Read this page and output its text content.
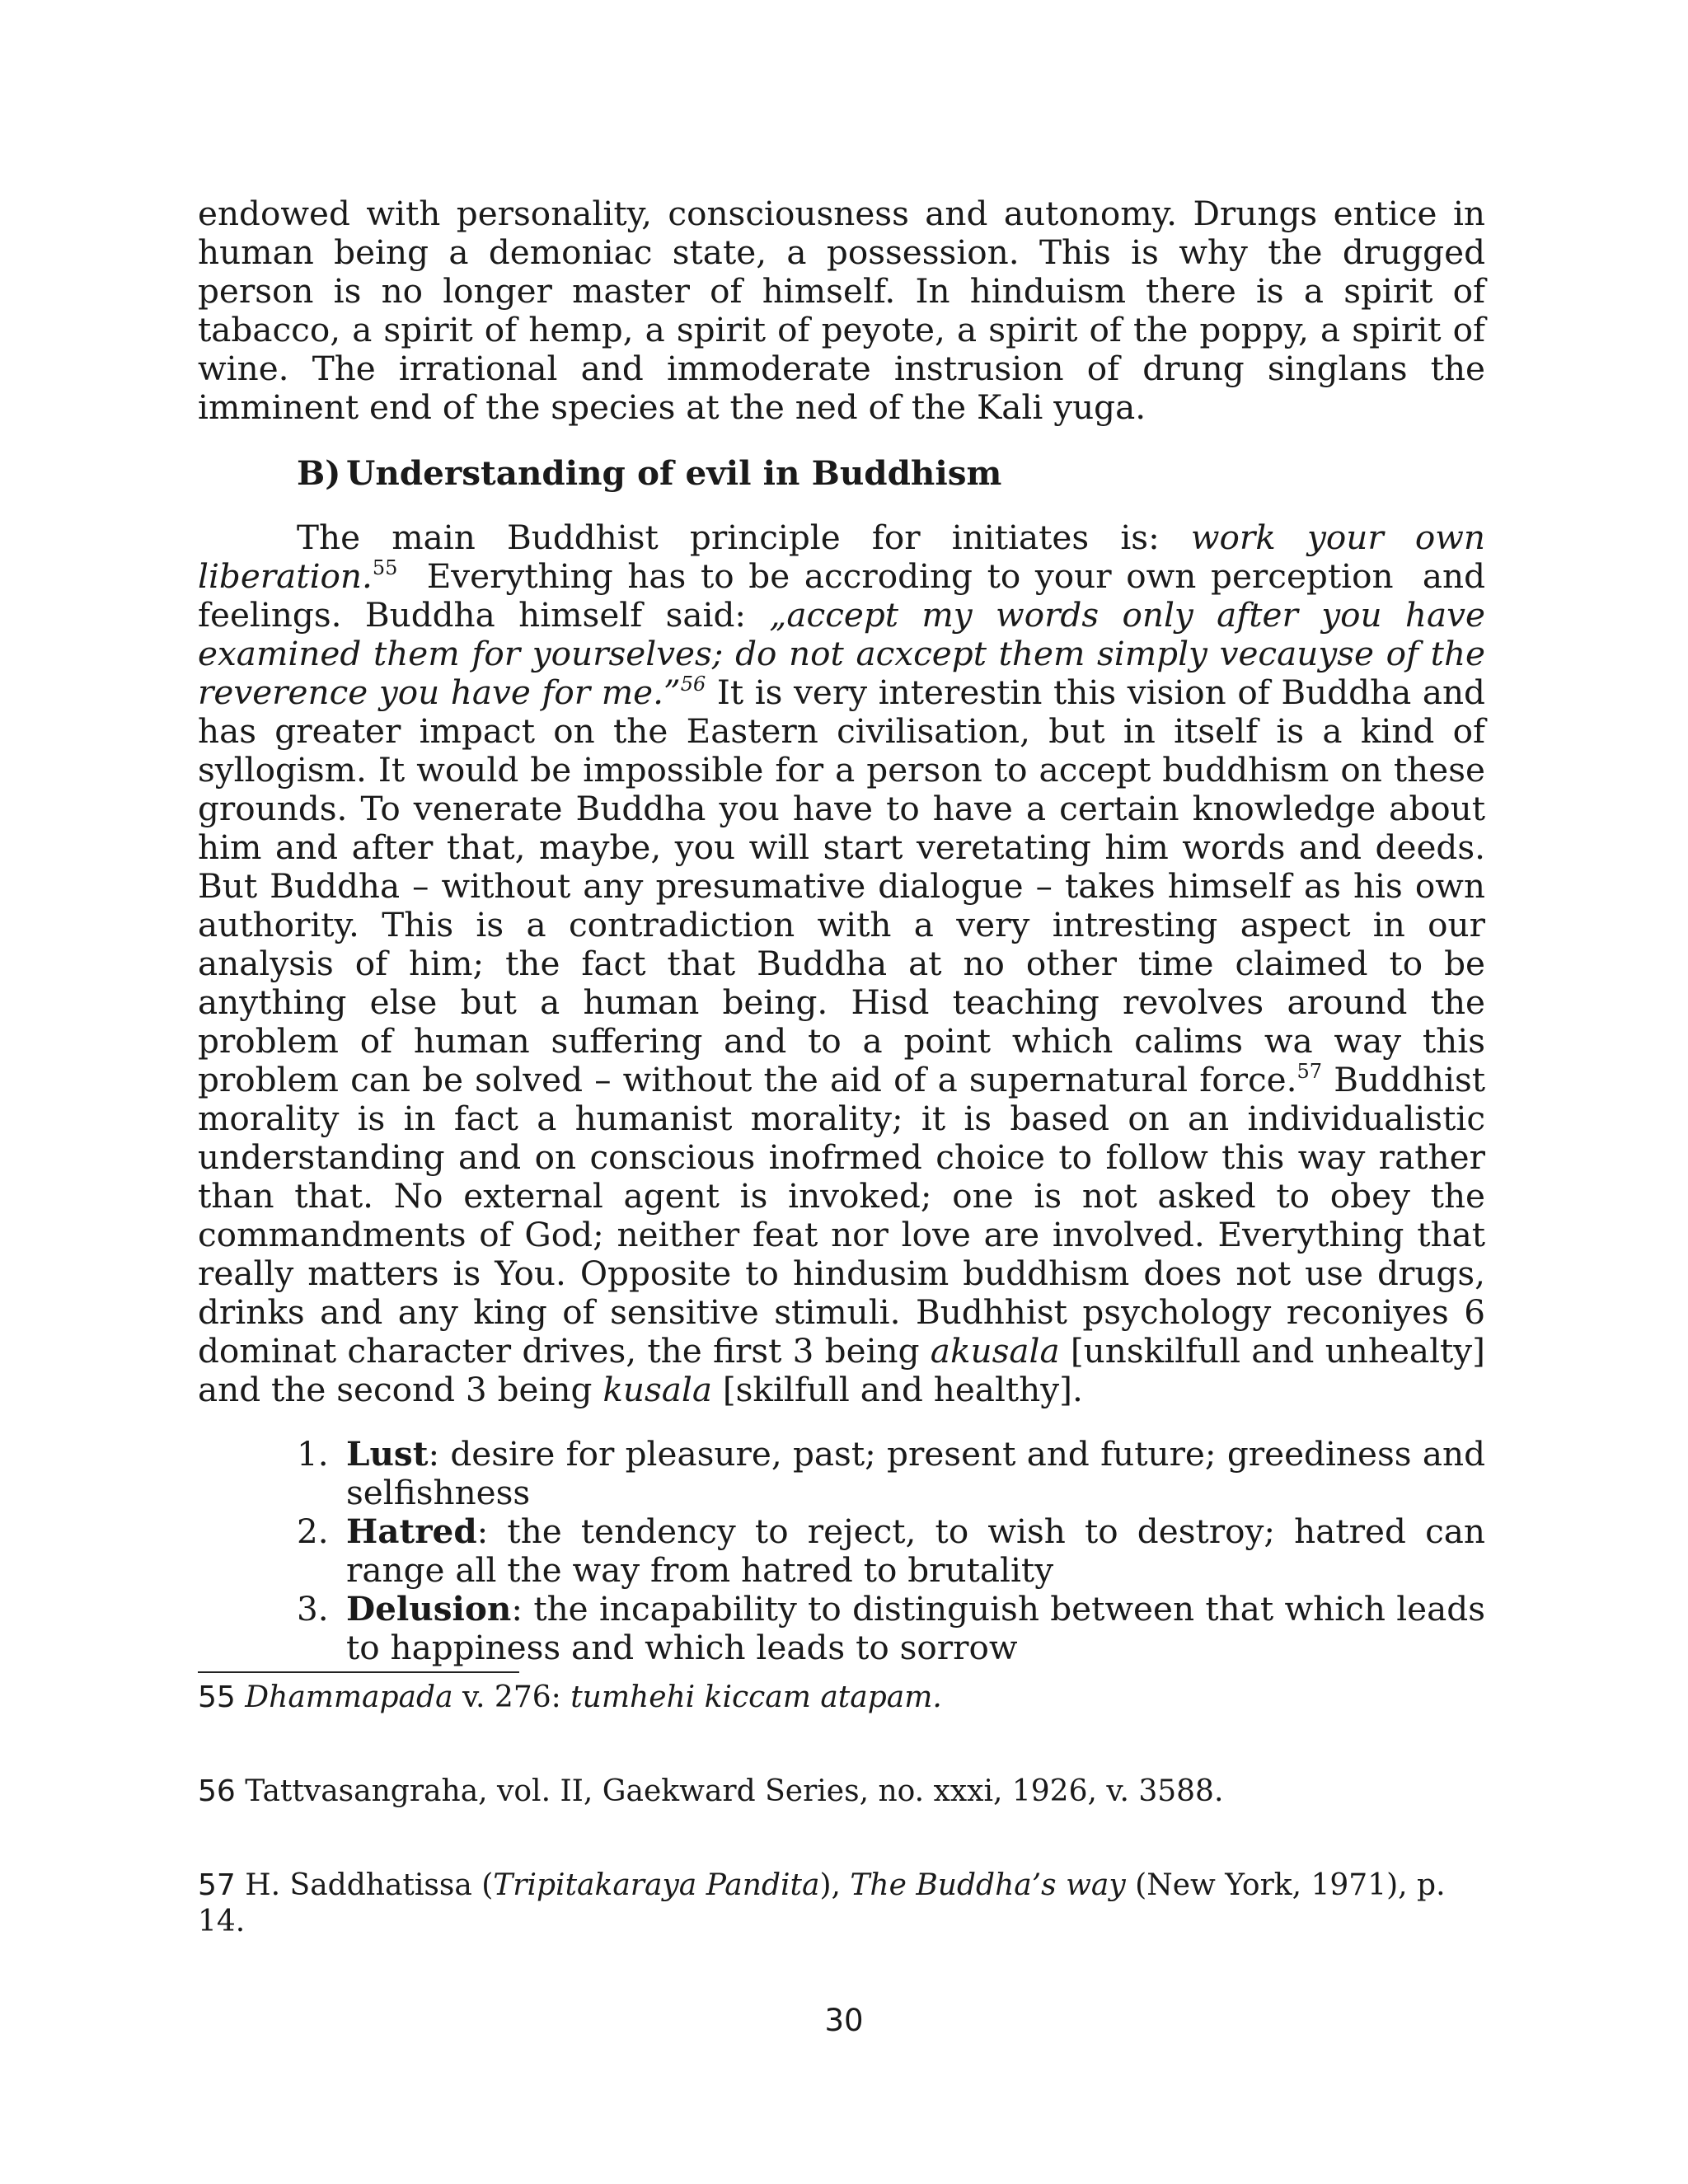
endowed with personality, consciousness and autonomy. Drungs entice in human being a demoniac state, a possession. This is why the drugged person is no longer master of himself. In hinduism there is a spirit of tabacco, a spirit of hemp, a spirit of peyote, a spirit of the poppy, a spirit of wine. The irrational and immoderate instrusion of drung singlans the imminent end of the species at the ned of the Kali yuga.

B) Understanding of evil in Buddhism

The main Buddhist principle for initiates is: work your own liberation.$^{55}$  Everything has to be accroding to your own perception  and feelings. Buddha himself said: „accept my words only after you have examined them for yourselves; do not acxcept them simply vecauyse of the reverence you have for me.”$^{56}$ It is very interestin this vision of Buddha and has greater impact on the Eastern civilisation, but in itself is a kind of syllogism. It would be impossible for a person to accept buddhism on these grounds. To venerate Buddha you have to have a certain knowledge about him and after that, maybe, you will start veretating him words and deeds. But Buddha – without any presumative dialogue – takes himself as his own authority. This is a contradiction with a very intresting aspect in our analysis of him; the fact that Buddha at no other time claimed to be anything else but a human being. Hisd teaching revolves around the problem of human suffering and to a point which calims wa way this problem can be solved – without the aid of a supernatural force.$^{57}$ Buddhist morality is in fact a humanist morality; it is based on an individualistic understanding and on conscious inofrmed choice to follow this way rather than that. No external agent is invoked; one is not asked to obey the commandments of God; neither feat nor love are involved. Everything that really matters is You. Opposite to hindusim buddhism does not use drugs, drinks and any king of sensitive stimuli. Budhhist psychology reconiyes 6 dominat character drives, the first 3 being akusala [unskilfull and unhealty] and the second 3 being kusala [skilfull and healthy].

1. Lust: desire for pleasure, past; present and future; greediness and selfishness
2. Hatred: the tendency to reject, to wish to destroy; hatred can range all the way from hatred to brutality
3. Delusion: the incapability to distinguish between that which leads to happiness and which leads to sorrow
55 Dhammapada v. 276: tumhehi kiccam atapam.
56 Tattvasangraha, vol. II, Gaekward Series, no. xxxi, 1926, v. 3588.
57 H. Saddhatissa (Tripitakaraya Pandita), The Buddha’s way (New York, 1971), p. 14.
30
